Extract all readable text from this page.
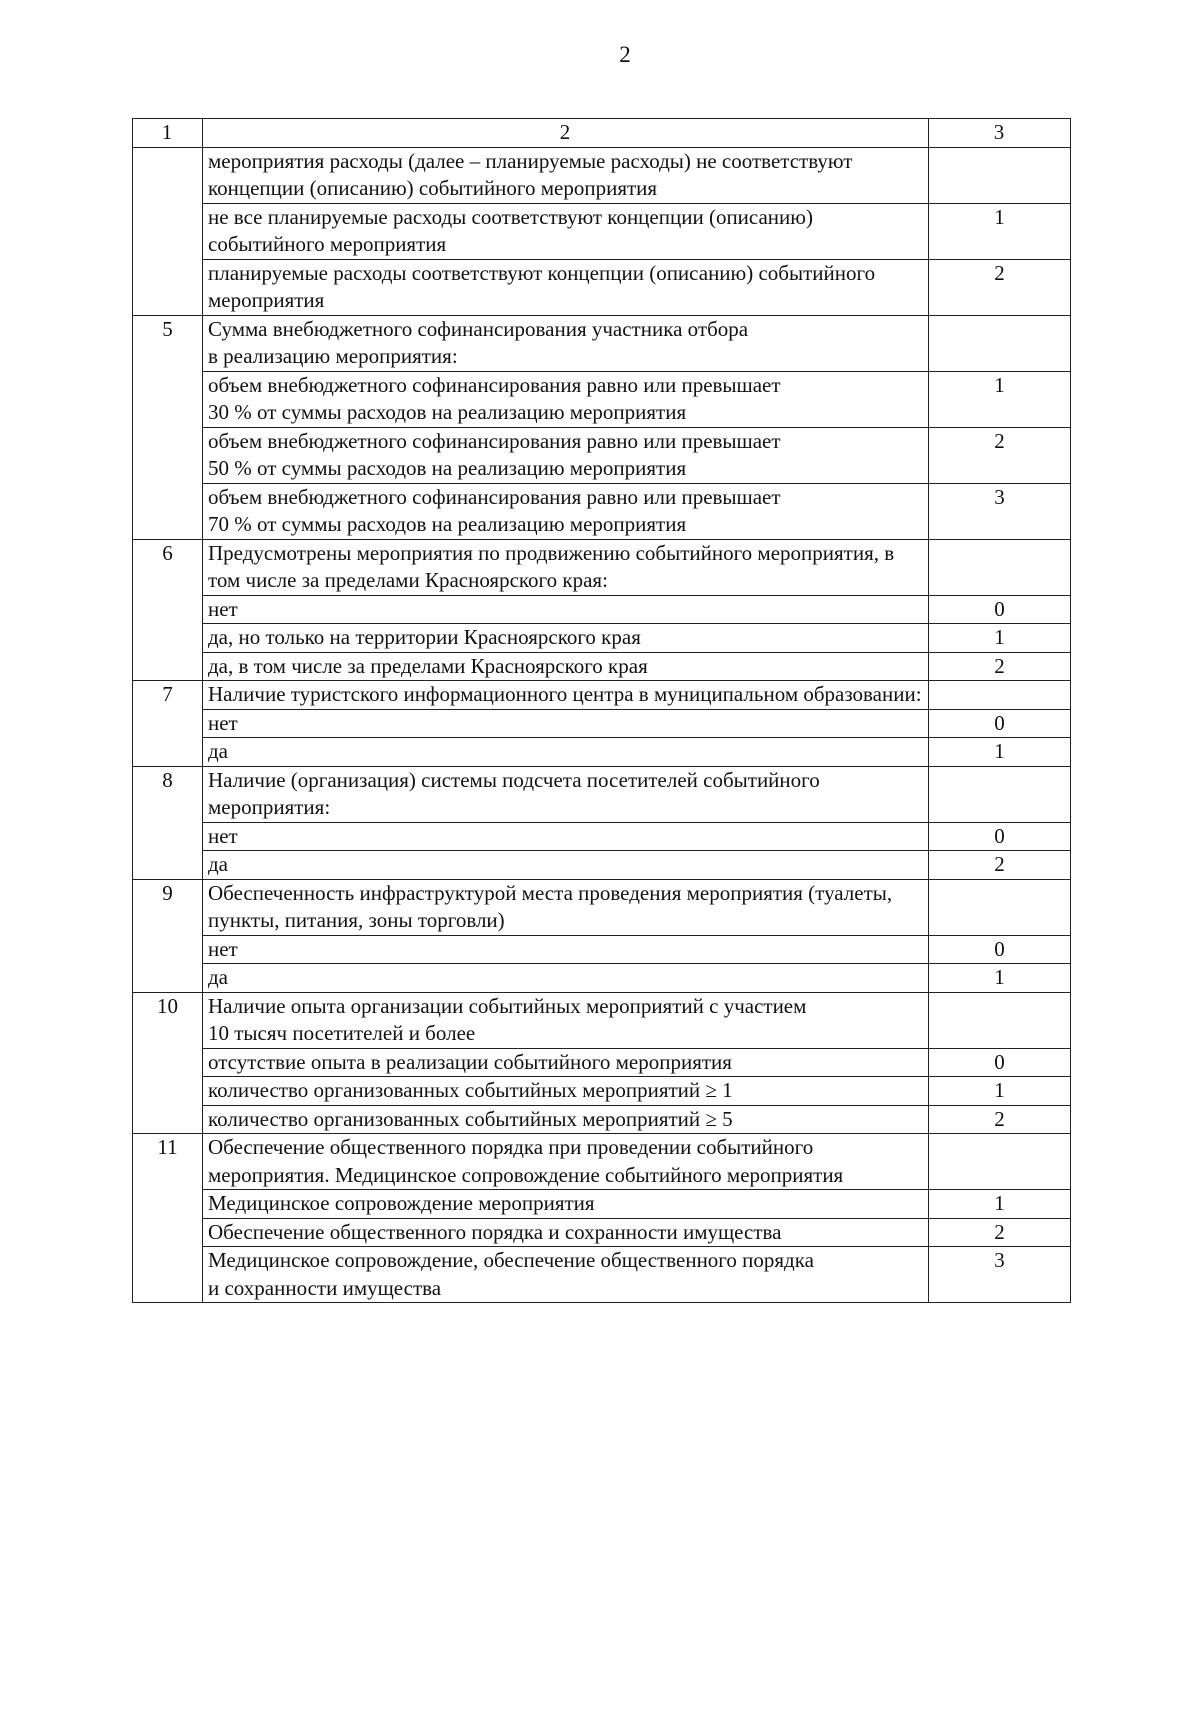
2
1	2	3
	мероприятия расходы (далее – планируемые расходы) не соответствуют концепции (описанию) событийного мероприятия	
	не все планируемые расходы соответствуют концепции (описанию) событийного мероприятия	1
	планируемые расходы соответствуют концепции (описанию) событийного мероприятия	2
5	Сумма внебюджетного софинансирования участника отбора
в реализацию мероприятия:	
	объем внебюджетного софинансирования равно или превышает
30 % от суммы расходов на реализацию мероприятия	1
	объем внебюджетного софинансирования равно или превышает
50 % от суммы расходов на реализацию мероприятия	2
	объем внебюджетного софинансирования равно или превышает
70 % от суммы расходов на реализацию мероприятия	3
6	Предусмотрены мероприятия по продвижению событийного мероприятия, в том числе за пределами Красноярского края:	
	нет	0
	да, но только на территории Красноярского края	1
	да, в том числе за пределами Красноярского края	2
7	Наличие туристского информационного центра в муниципальном образовании:	
	нет	0
	да	1
8	Наличие (организация) системы подсчета посетителей событийного мероприятия:	
	нет	0
	да	2
9	Обеспеченность инфраструктурой места проведения мероприятия (туалеты, пункты, питания, зоны торговли)	
	нет	0
	да	1
10	Наличие опыта организации событийных мероприятий с участием
10 тысяч посетителей и более	
	отсутствие опыта в реализации событийного мероприятия	0
	количество организованных событийных мероприятий ≥ 1	1
	количество организованных событийных мероприятий ≥ 5	2
11	Обеспечение общественного порядка при проведении событийного мероприятия. Медицинское сопровождение событийного мероприятия	
	Медицинское сопровождение мероприятия	1
	Обеспечение общественного порядка и сохранности имущества	2
	Медицинское сопровождение, обеспечение общественного порядка
и сохранности имущества	3
